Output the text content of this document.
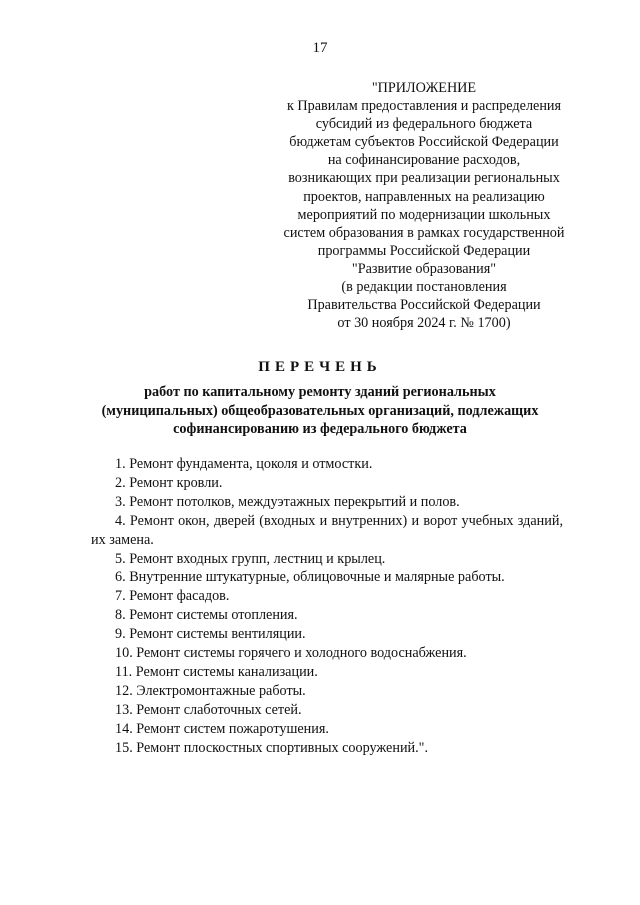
17
"ПРИЛОЖЕНИЕ
к Правилам предоставления и распределения
субсидий из федерального бюджета
бюджетам субъектов Российской Федерации
на софинансирование расходов,
возникающих при реализации региональных
проектов, направленных на реализацию
мероприятий по модернизации школьных
систем образования в рамках государственной
программы Российской Федерации
"Развитие образования"
(в редакции постановления
Правительства Российской Федерации
от 30 ноября 2024 г. № 1700)
ПЕРЕЧЕНЬ
работ по капитальному ремонту зданий региональных
(муниципальных) общеобразовательных организаций, подлежащих
софинансированию из федерального бюджета
1. Ремонт фундамента, цоколя и отмостки.
2. Ремонт кровли.
3. Ремонт потолков, междуэтажных перекрытий и полов.
4. Ремонт окон, дверей (входных и внутренних) и ворот учебных зданий, их замена.
5. Ремонт входных групп, лестниц и крылец.
6. Внутренние штукатурные, облицовочные и малярные работы.
7. Ремонт фасадов.
8. Ремонт системы отопления.
9. Ремонт системы вентиляции.
10. Ремонт системы горячего и холодного водоснабжения.
11. Ремонт системы канализации.
12. Электромонтажные работы.
13. Ремонт слаботочных сетей.
14. Ремонт систем пожаротушения.
15. Ремонт плоскостных спортивных сооружений.".
